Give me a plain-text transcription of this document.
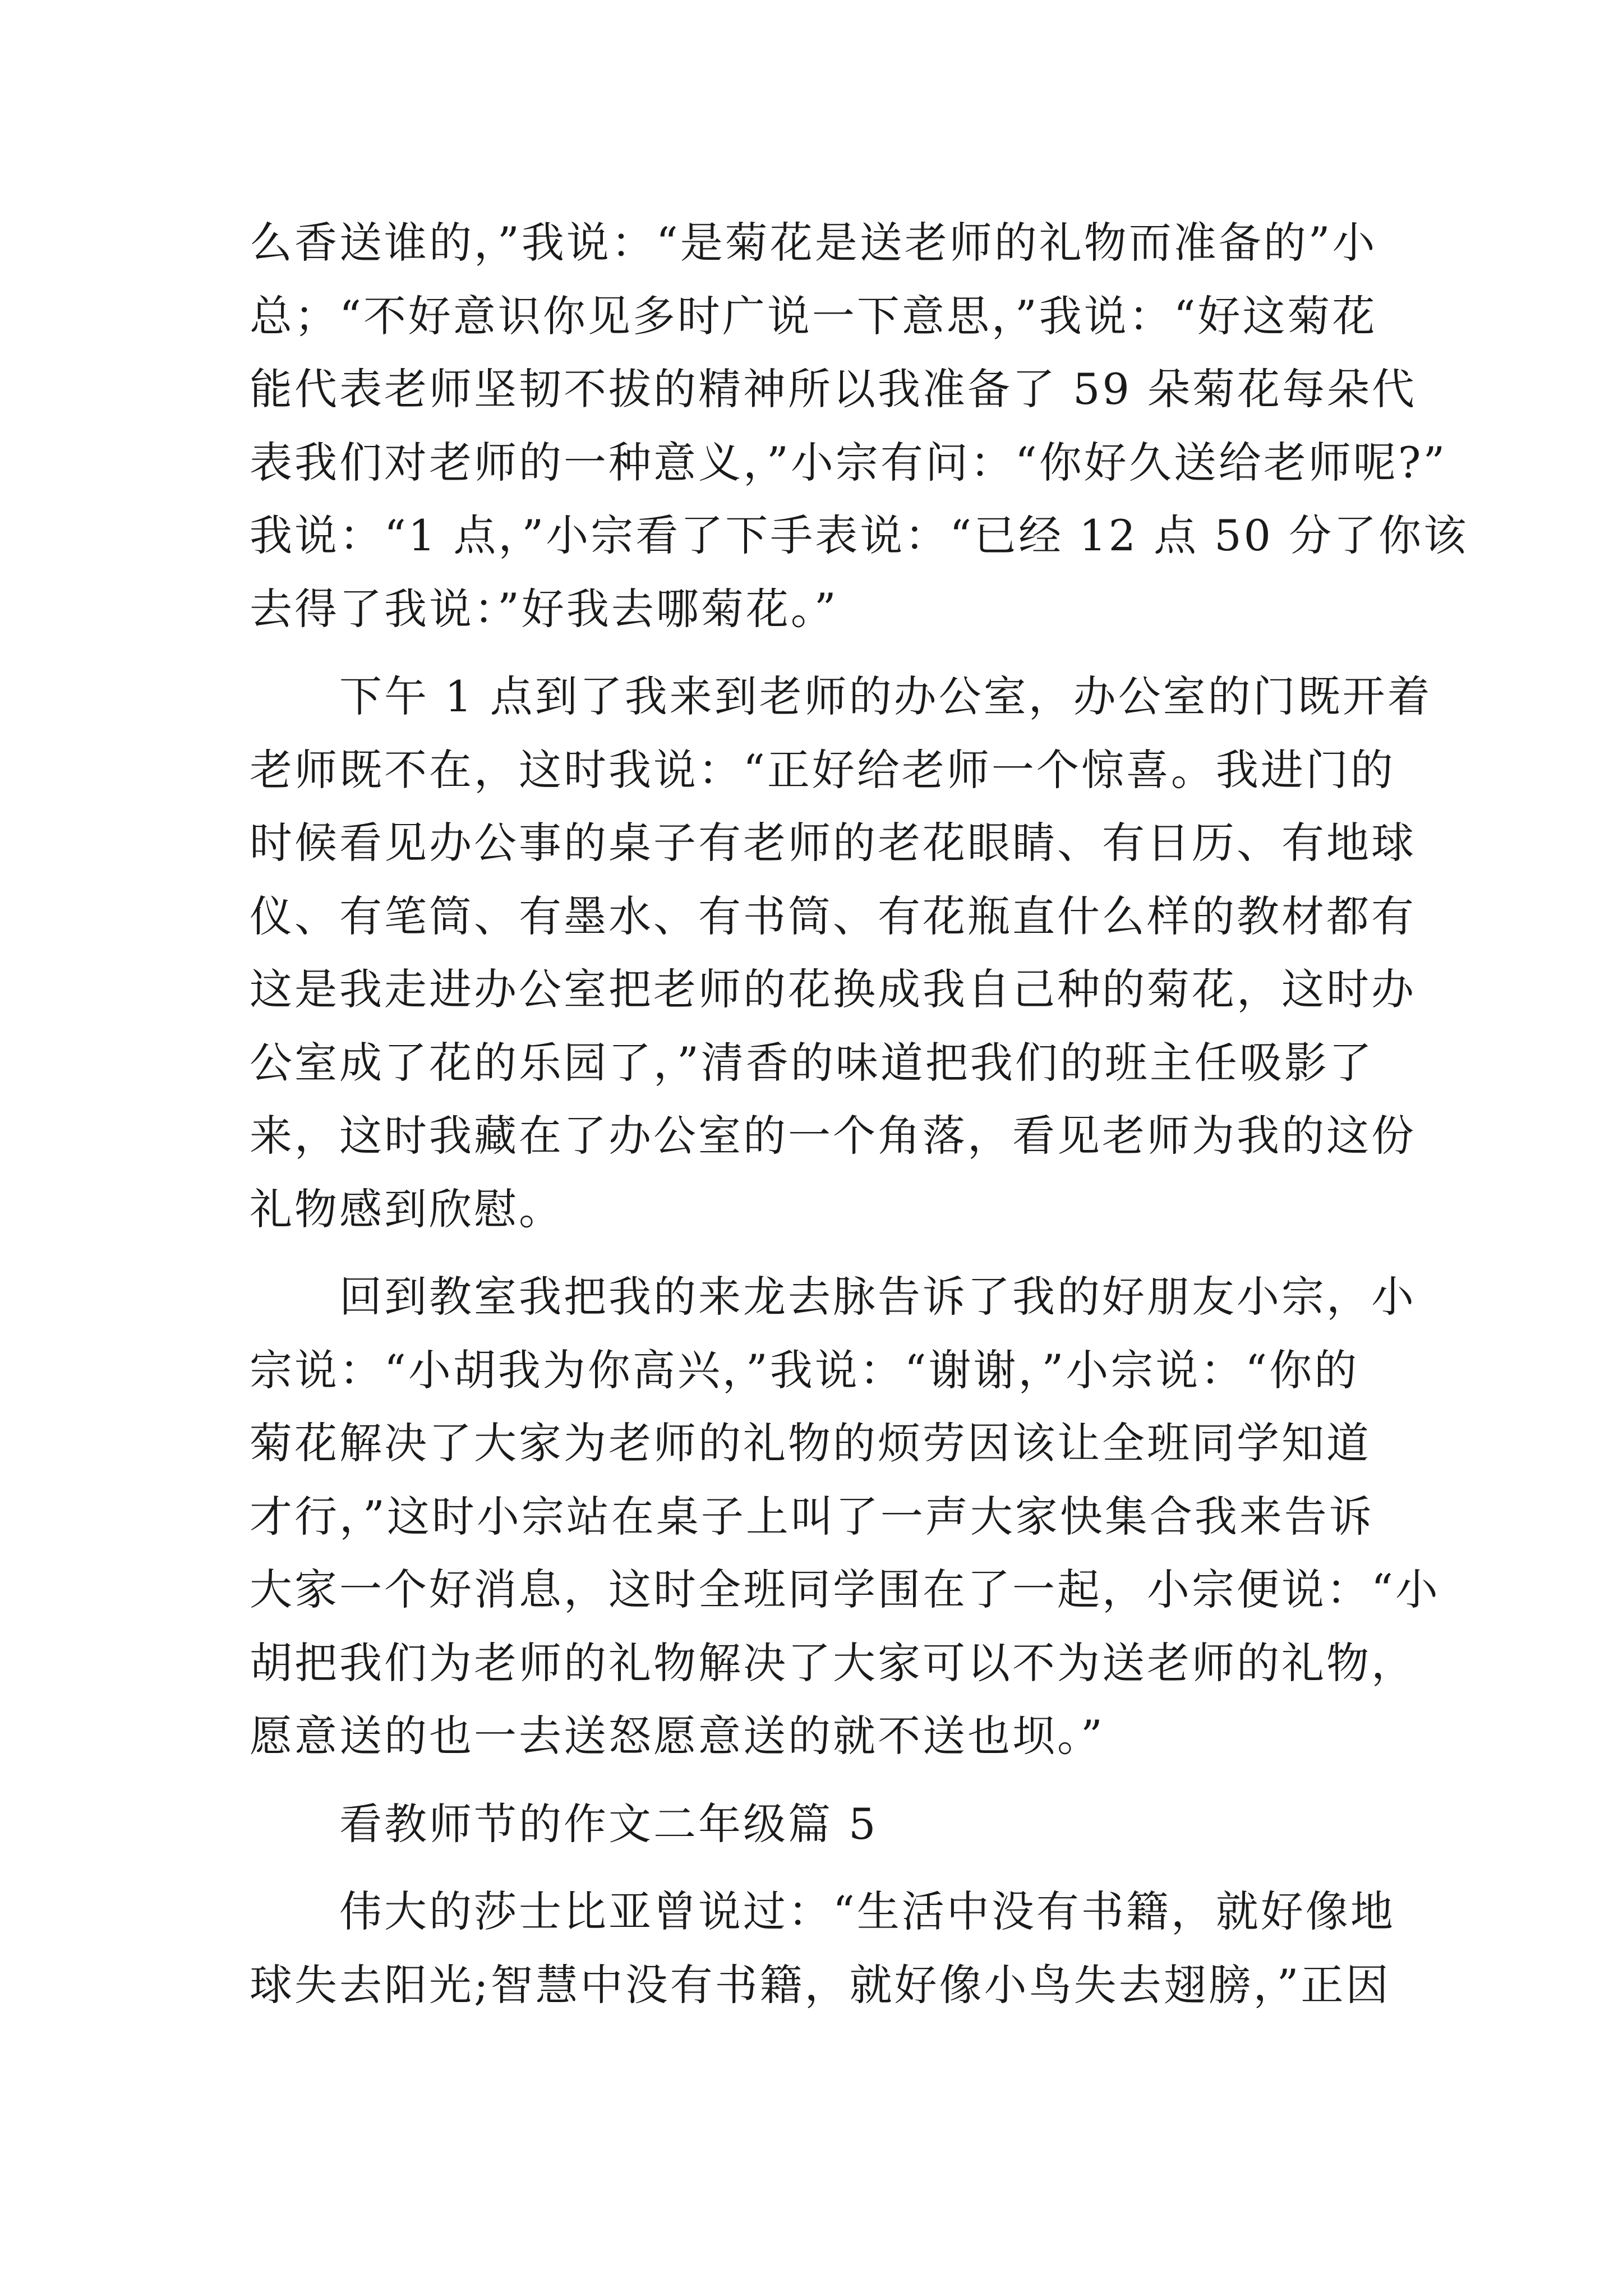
么香送谁的，”我说：“是菊花是送老师的礼物而准备的”小
总；“不好意识你见多时广说一下意思，”我说：“好这菊花
能代表老师坚韧不拔的精神所以我准备了 59 朵菊花每朵代
表我们对老师的一种意义，”小宗有问：“你好久送给老师呢?”
我说：“1 点，”小宗看了下手表说：“已经 12 点 50 分了你该
去得了我说：”好我去哪菊花。”
下午 1 点到了我来到老师的办公室，办公室的门既开着
老师既不在，这时我说：“正好给老师一个惊喜。我进门的
时候看见办公事的桌子有老师的老花眼睛、有日历、有地球
仪、有笔筒、有墨水、有书筒、有花瓶直什么样的教材都有
这是我走进办公室把老师的花换成我自己种的菊花，这时办
公室成了花的乐园了，”清香的味道把我们的班主任吸影了
来，这时我藏在了办公室的一个角落，看见老师为我的这份
礼物感到欣慰。
回到教室我把我的来龙去脉告诉了我的好朋友小宗，小
宗说：“小胡我为你高兴，”我说：“谢谢，”小宗说：“你的
菊花解决了大家为老师的礼物的烦劳因该让全班同学知道
才行，”这时小宗站在桌子上叫了一声大家快集合我来告诉
大家一个好消息，这时全班同学围在了一起，小宗便说：“小
胡把我们为老师的礼物解决了大家可以不为送老师的礼物，
愿意送的也一去送怒愿意送的就不送也坝。”
看教师节的作文二年级篇 5
伟大的莎士比亚曾说过：“生活中没有书籍，就好像地
球失去阳光;智慧中没有书籍，就好像小鸟失去翅膀，”正因
